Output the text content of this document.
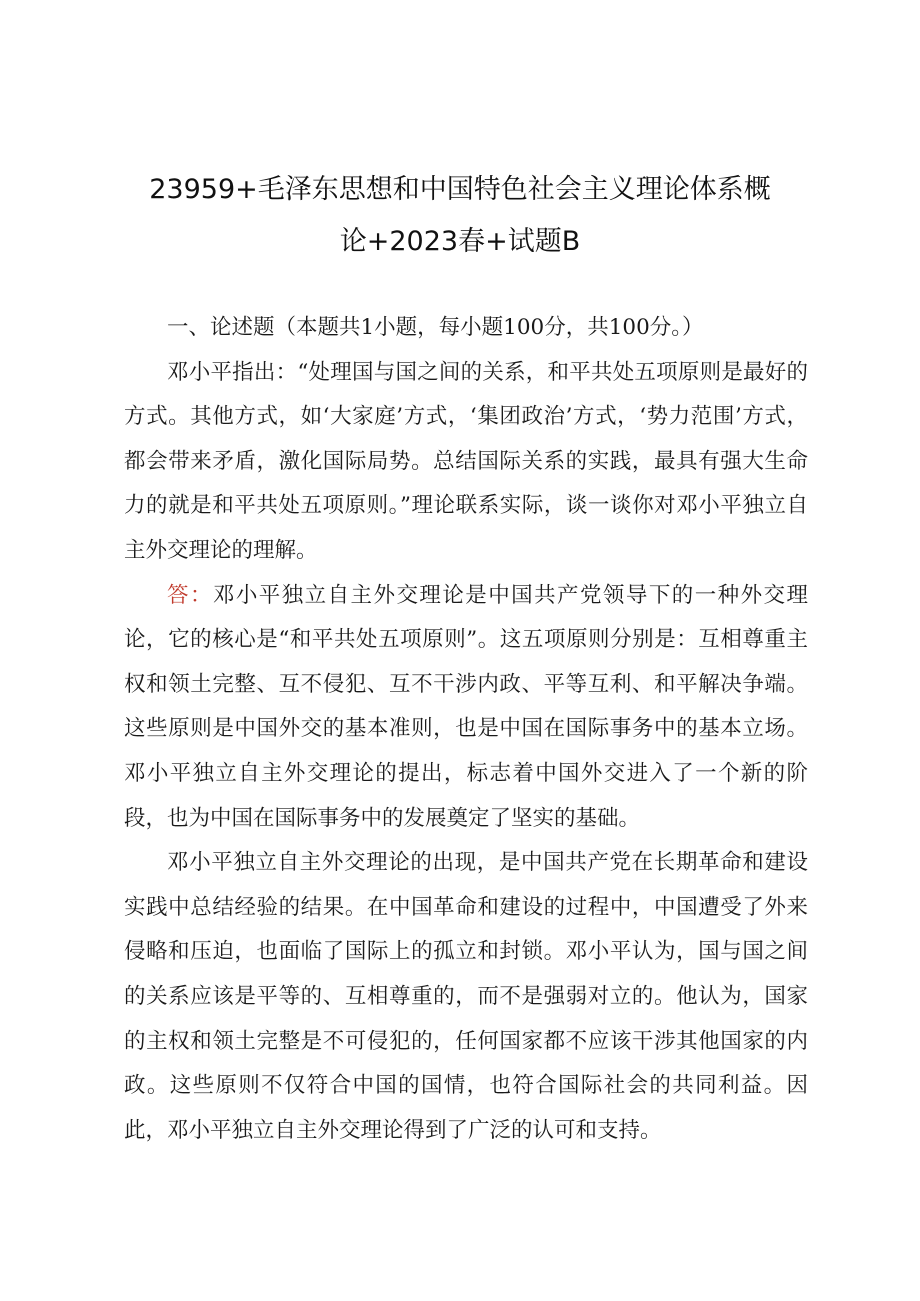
23959+毛泽东思想和中国特色社会主义理论体系概
论+2023春+试题B

一、论述题（本题共1小题，每小题100分，共100分。）

邓小平指出：“处理国与国之间的关系，和平共处五项原则是最好的方式。其他方式，如‘大家庭’方式，‘集团政治’方式，‘势力范围’方式，都会带来矛盾，激化国际局势。总结国际关系的实践，最具有强大生命力的就是和平共处五项原则。”理论联系实际，谈一谈你对邓小平独立自主外交理论的理解。

答：邓小平独立自主外交理论是中国共产党领导下的一种外交理论，它的核心是“和平共处五项原则”。这五项原则分别是：互相尊重主权和领土完整、互不侵犯、互不干涉内政、平等互利、和平解决争端。这些原则是中国外交的基本准则，也是中国在国际事务中的基本立场。邓小平独立自主外交理论的提出，标志着中国外交进入了一个新的阶段，也为中国在国际事务中的发展奠定了坚实的基础。

邓小平独立自主外交理论的出现，是中国共产党在长期革命和建设实践中总结经验的结果。在中国革命和建设的过程中，中国遭受了外来侵略和压迫，也面临了国际上的孤立和封锁。邓小平认为，国与国之间的关系应该是平等的、互相尊重的，而不是强弱对立的。他认为，国家的主权和领土完整是不可侵犯的，任何国家都不应该干涉其他国家的内政。这些原则不仅符合中国的国情，也符合国际社会的共同利益。因此，邓小平独立自主外交理论得到了广泛的认可和支持。
